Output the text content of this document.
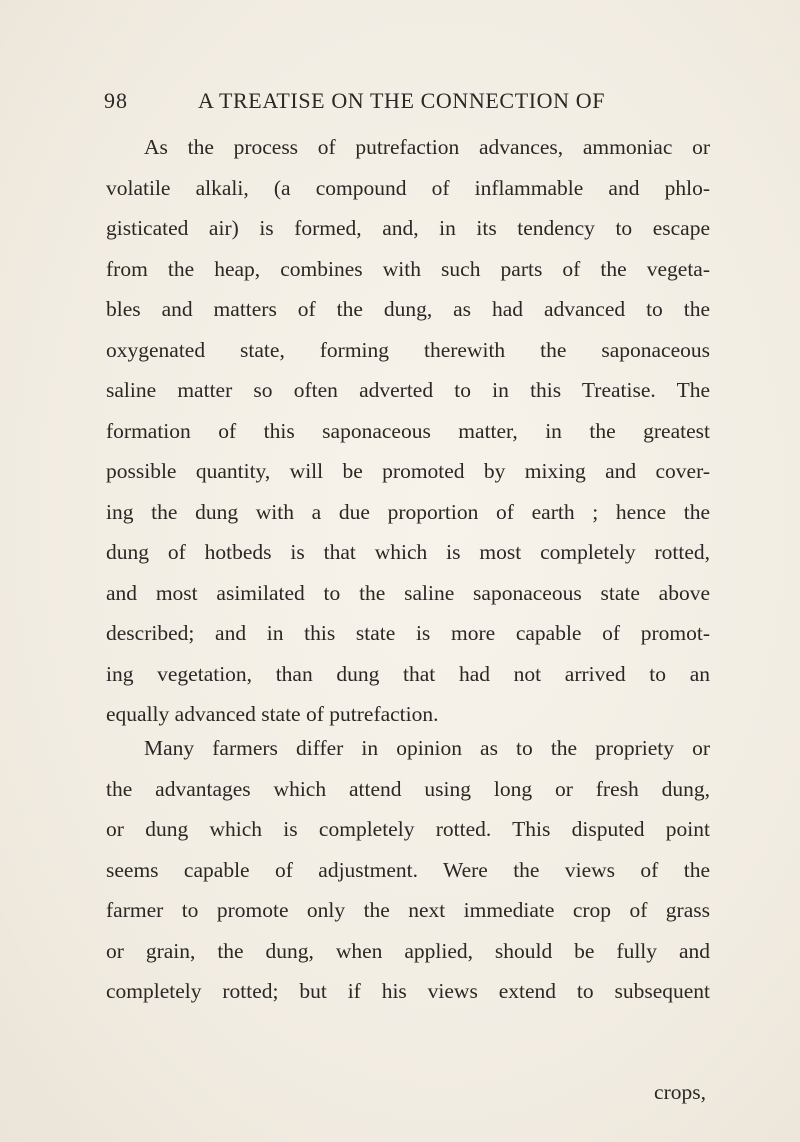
98	A TREATISE ON THE CONNECTION OF
As the process of putrefaction advances, ammoniac or
volatile alkali, (a compound of inflammable and phlo-
gisticated air) is formed, and, in its tendency to escape
from the heap, combines with such parts of the vegeta-
bles and matters of the dung, as had advanced to the
oxygenated state, forming therewith the saponaceous
saline matter so often adverted to in this Treatise. The
formation of this saponaceous matter, in the greatest
possible quantity, will be promoted by mixing and cover-
ing the dung with a due proportion of earth ; hence the
dung of hotbeds is that which is most completely rotted,
and most asimilated to the saline saponaceous state above
described; and in this state is more capable of promot-
ing vegetation, than dung that had not arrived to an
equally advanced state of putrefaction.
Many farmers differ in opinion as to the propriety or
the advantages which attend using long or fresh dung,
or dung which is completely rotted. This disputed point
seems capable of adjustment. Were the views of the
farmer to promote only the next immediate crop of grass
or grain, the dung, when applied, should be fully and
completely rotted; but if his views extend to subsequent
crops,
